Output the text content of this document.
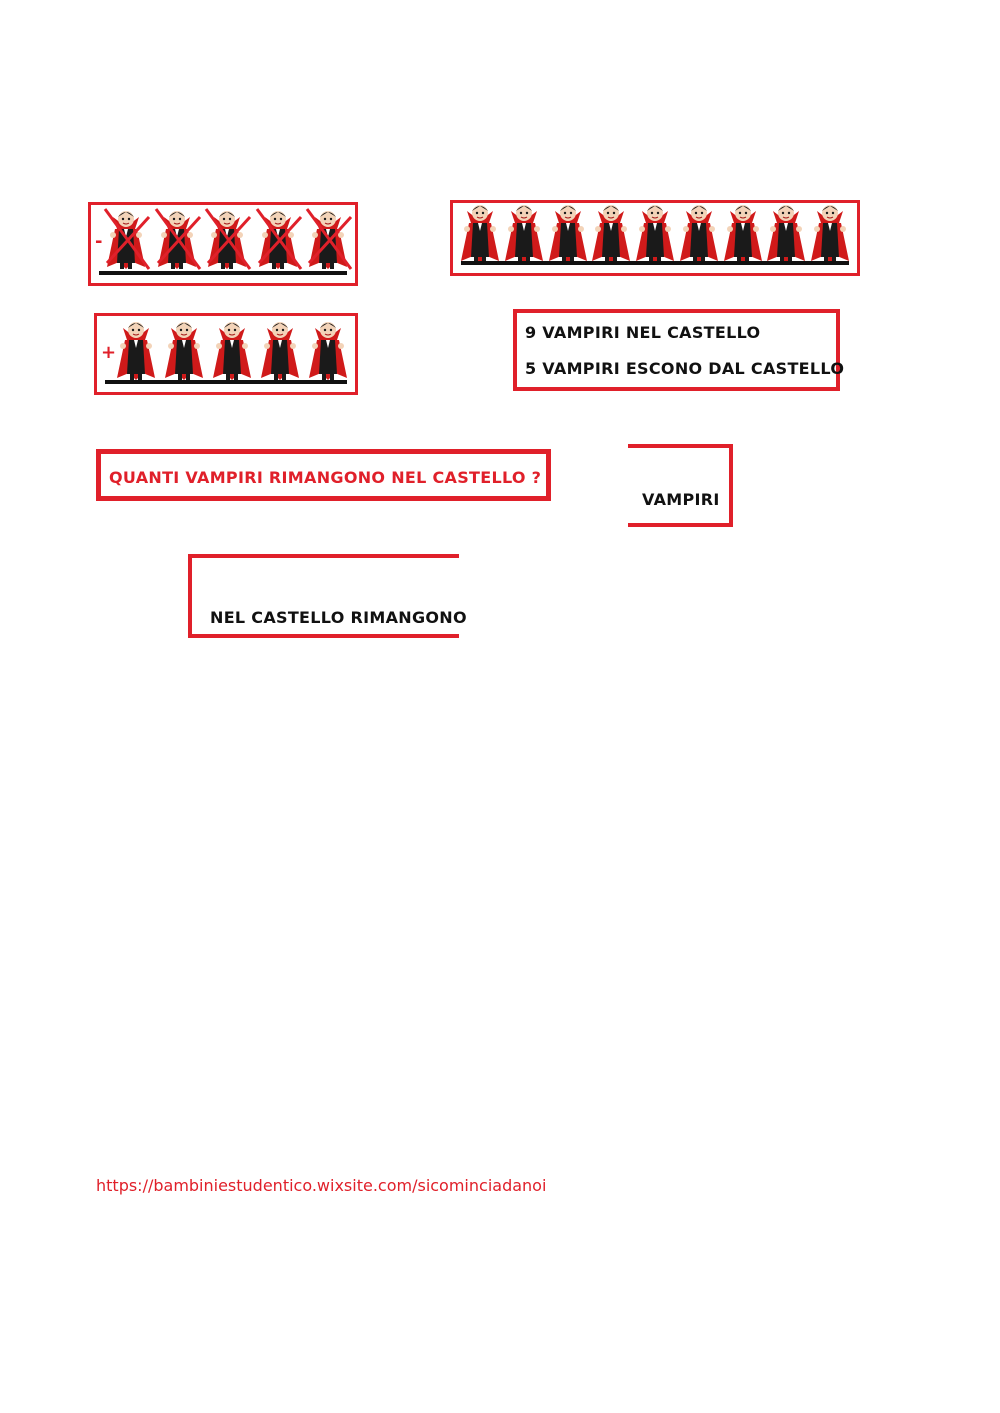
-
+
9 VAMPIRI NEL CASTELLO
5 VAMPIRI ESCONO DAL CASTELLO
QUANTI VAMPIRI RIMANGONO NEL CASTELLO ?
VAMPIRI
NEL CASTELLO RIMANGONO
https://bambiniestudentico.wixsite.com/sicominciadanoi
